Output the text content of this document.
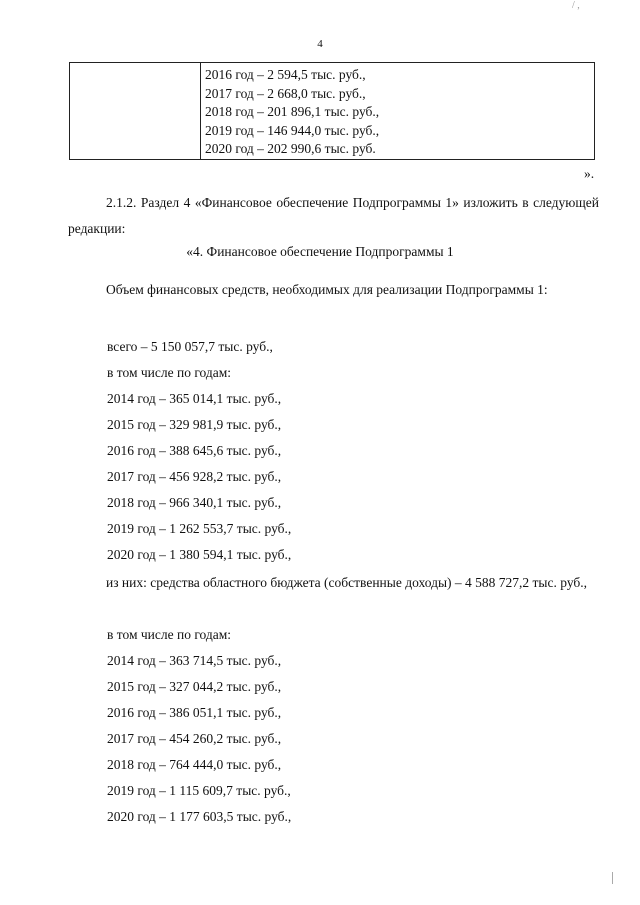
/ ,
4

2016 год – 2 594,5 тыс. руб.,
2017 год – 2 668,0 тыс. руб.,
2018 год – 201 896,1 тыс. руб.,
2019 год – 146 944,0 тыс. руб.,
2020 год – 202 990,6 тыс. руб.
».
2.1.2. Раздел 4 «Финансовое обеспечение Подпрограммы 1» изложить в следующей редакции:
«4. Финансовое обеспечение Подпрограммы 1
Объем финансовых средств, необходимых для реализации Подпрограммы 1:
всего – 5 150 057,7 тыс. руб.,
в том числе по годам:
2014 год – 365 014,1 тыс. руб.,
2015 год – 329 981,9 тыс. руб.,
2016 год – 388 645,6 тыс. руб.,
2017 год – 456 928,2 тыс. руб.,
2018 год – 966 340,1 тыс. руб.,
2019 год – 1 262 553,7 тыс. руб.,
2020 год – 1 380 594,1 тыс. руб.,
из них: средства областного бюджета (собственные доходы) – 4 588 727,2 тыс. руб.,
в том числе по годам:
2014 год – 363 714,5 тыс. руб.,
2015 год – 327 044,2 тыс. руб.,
2016 год – 386 051,1 тыс. руб.,
2017 год – 454 260,2 тыс. руб.,
2018 год – 764 444,0 тыс. руб.,
2019 год – 1 115 609,7 тыс. руб.,
2020 год – 1 177 603,5 тыс. руб.,
